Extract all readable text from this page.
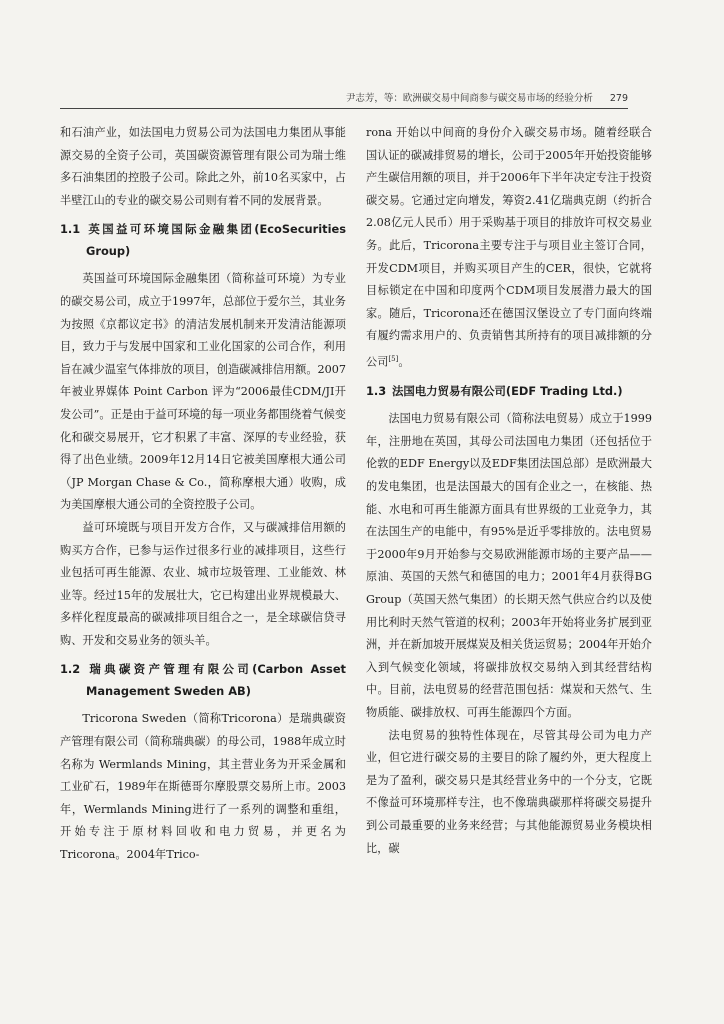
尹志芳，等：欧洲碳交易中间商参与碳交易市场的经验分析 279

和石油产业，如法国电力贸易公司为法国电力集团从事能源交易的全资子公司，英国碳资源管理有限公司为瑞士维多石油集团的控股子公司。除此之外，前10名买家中，占半壁江山的专业的碳交易公司则有着不同的发展背景。

1.1 英国益可环境国际金融集团(EcoSecurities Group)

英国益可环境国际金融集团（简称益可环境）为专业的碳交易公司，成立于1997年，总部位于爱尔兰，其业务为按照《京都议定书》的清洁发展机制来开发清洁能源项目，致力于与发展中国家和工业化国家的公司合作，利用旨在减少温室气体排放的项目，创造碳减排信用额。2007年被业界媒体 Point Carbon 评为“2006最佳CDM/JI开发公司”。正是由于益可环境的每一项业务都围绕着气候变化和碳交易展开，它才积累了丰富、深厚的专业经验，获得了出色业绩。2009年12月14日它被美国摩根大通公司（JP Morgan Chase & Co.，简称摩根大通）收购，成为美国摩根大通公司的全资控股子公司。

益可环境既与项目开发方合作，又与碳减排信用额的购买方合作，已参与运作过很多行业的减排项目，这些行业包括可再生能源、农业、城市垃圾管理、工业能效、林业等。经过15年的发展壮大，它已构建出业界规模最大、多样化程度最高的碳减排项目组合之一，是全球碳信贷寻购、开发和交易业务的领头羊。

1.2 瑞典碳资产管理有限公司(Carbon Asset Management Sweden AB)

Tricorona Sweden（简称Tricorona）是瑞典碳资产管理有限公司（简称瑞典碳）的母公司，1988年成立时名称为 Wermlands Mining，其主营业务为开采金属和工业矿石，1989年在斯德哥尔摩股票交易所上市。2003年，Wermlands Mining进行了一系列的调整和重组，开始专注于原材料回收和电力贸易，并更名为Tricorona。2004年Trico-

rona 开始以中间商的身份介入碳交易市场。随着经联合国认证的碳减排贸易的增长，公司于2005年开始投资能够产生碳信用额的项目，并于2006年下半年决定专注于投资碳交易。它通过定向增发，筹资2.41亿瑞典克朗（约折合2.08亿元人民币）用于采购基于项目的排放许可权交易业务。此后，Tricorona主要专注于与项目业主签订合同，开发CDM项目，并购买项目产生的CER，很快，它就将目标锁定在中国和印度两个CDM项目发展潜力最大的国家。随后，Tricorona还在德国汉堡设立了专门面向终端有履约需求用户的、负责销售其所持有的项目减排额的分公司[5]。

1.3 法国电力贸易有限公司(EDF Trading Ltd.)

法国电力贸易有限公司（简称法电贸易）成立于1999年，注册地在英国，其母公司法国电力集团（还包括位于伦敦的EDF Energy以及EDF集团法国总部）是欧洲最大的发电集团，也是法国最大的国有企业之一，在核能、热能、水电和可再生能源方面具有世界级的工业竞争力，其在法国生产的电能中，有95%是近乎零排放的。法电贸易于2000年9月开始参与交易欧洲能源市场的主要产品——原油、英国的天然气和德国的电力；2001年4月获得BG Group（英国天然气集团）的长期天然气供应合约以及使用比利时天然气管道的权利；2003年开始将业务扩展到亚洲，并在新加坡开展煤炭及相关货运贸易；2004年开始介入到气候变化领域，将碳排放权交易纳入到其经营结构中。目前，法电贸易的经营范围包括：煤炭和天然气、生物质能、碳排放权、可再生能源四个方面。

法电贸易的独特性体现在，尽管其母公司为电力产业，但它进行碳交易的主要目的除了履约外，更大程度上是为了盈利，碳交易只是其经营业务中的一个分支，它既不像益可环境那样专注，也不像瑞典碳那样将碳交易提升到公司最重要的业务来经营；与其他能源贸易业务模块相比，碳
